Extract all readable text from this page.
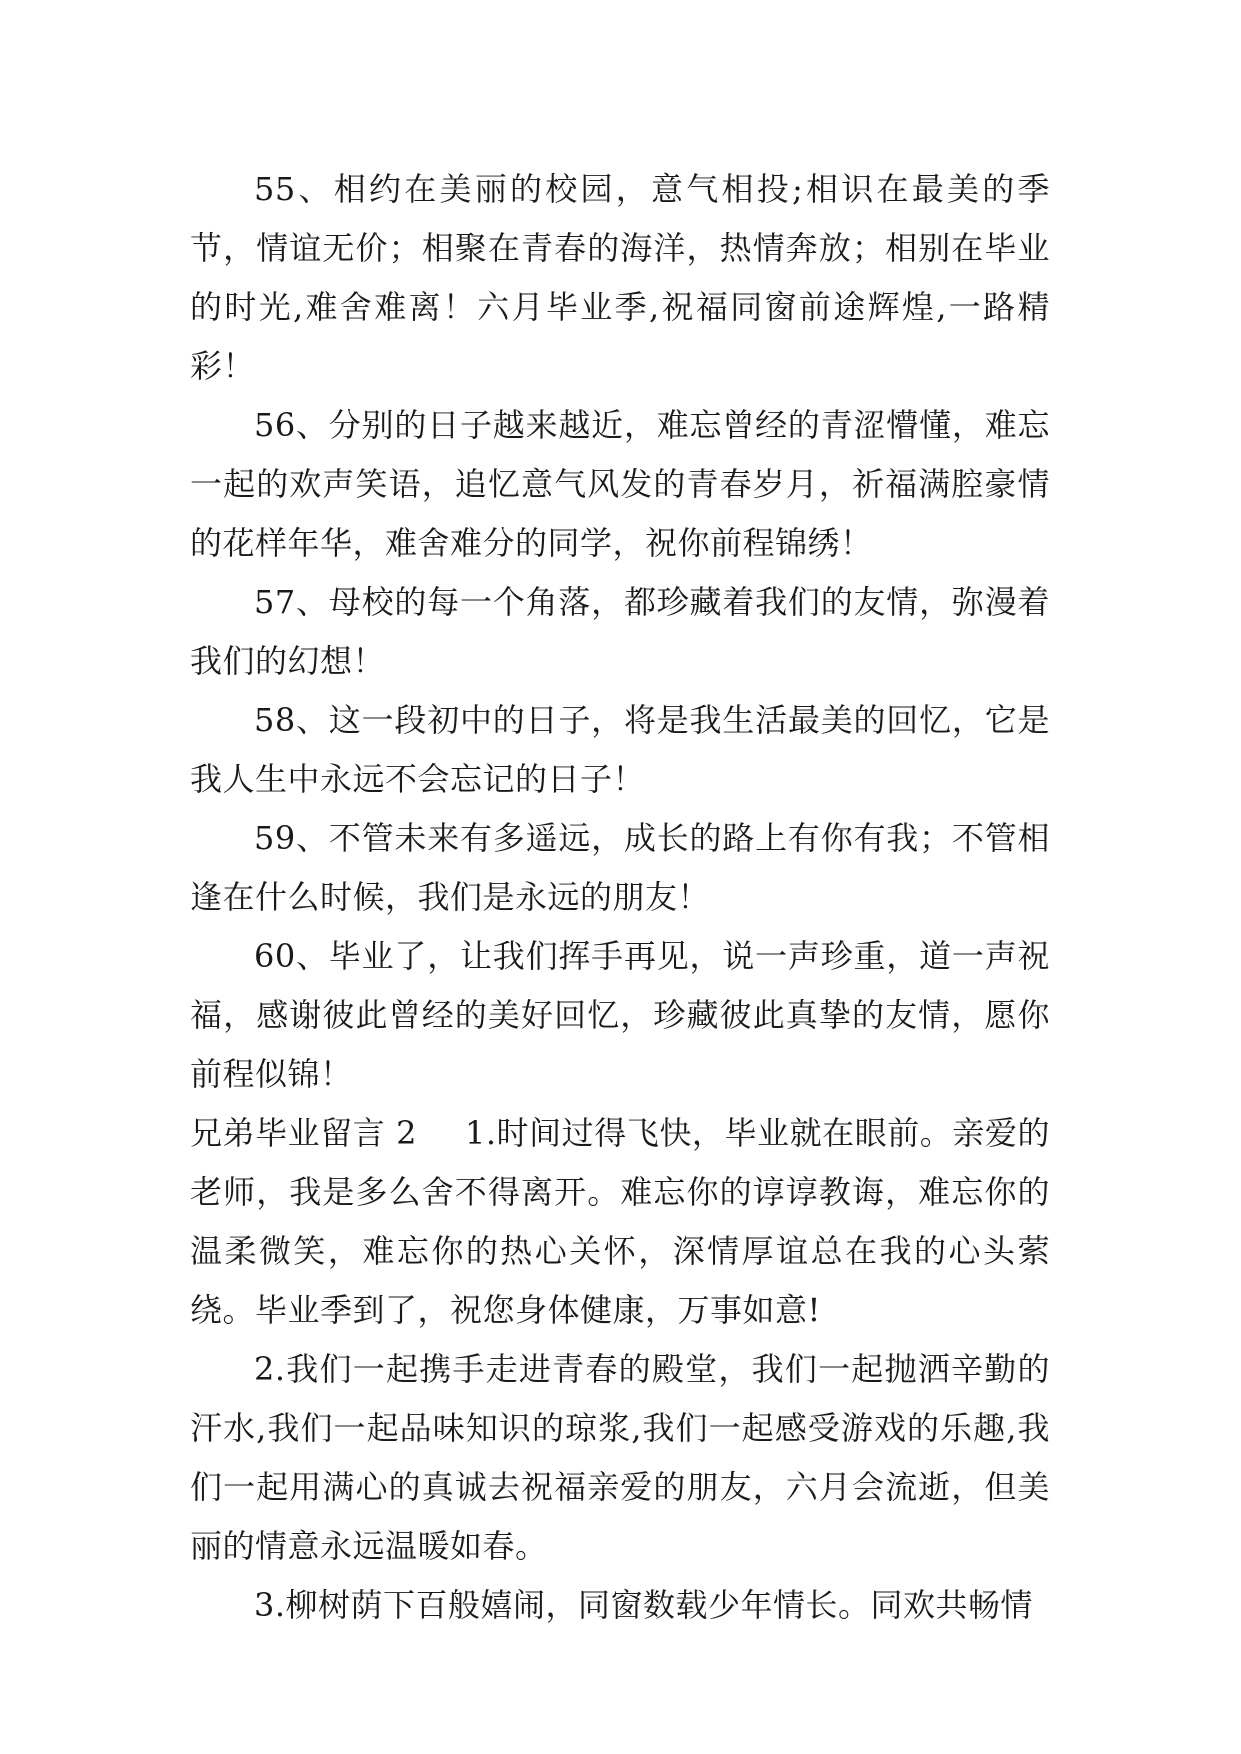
55、相约在美丽的校园，意气相投;相识在最美的季节，情谊无价；相聚在青春的海洋，热情奔放；相别在毕业的时光,难舍难离！六月毕业季,祝福同窗前途辉煌,一路精彩！

56、分别的日子越来越近，难忘曾经的青涩懵懂，难忘一起的欢声笑语，追忆意气风发的青春岁月，祈福满腔豪情的花样年华，难舍难分的同学，祝你前程锦绣！

57、母校的每一个角落，都珍藏着我们的友情，弥漫着我们的幻想！

58、这一段初中的日子，将是我生活最美的回忆，它是我人生中永远不会忘记的日子！

59、不管未来有多遥远，成长的路上有你有我；不管相逢在什么时候，我们是永远的朋友！

60、毕业了，让我们挥手再见，说一声珍重，道一声祝福，感谢彼此曾经的美好回忆，珍藏彼此真挚的友情，愿你前程似锦！

兄弟毕业留言 2 1.时间过得飞快，毕业就在眼前。亲爱的老师，我是多么舍不得离开。难忘你的谆谆教诲，难忘你的温柔微笑，难忘你的热心关怀，深情厚谊总在我的心头萦绕。毕业季到了，祝您身体健康，万事如意!

2.我们一起携手走进青春的殿堂，我们一起抛洒辛勤的汗水,我们一起品味知识的琼浆,我们一起感受游戏的乐趣,我们一起用满心的真诚去祝福亲爱的朋友，六月会流逝，但美丽的情意永远温暖如春。

3.柳树荫下百般嬉闹，同窗数载少年情长。同欢共畅情
